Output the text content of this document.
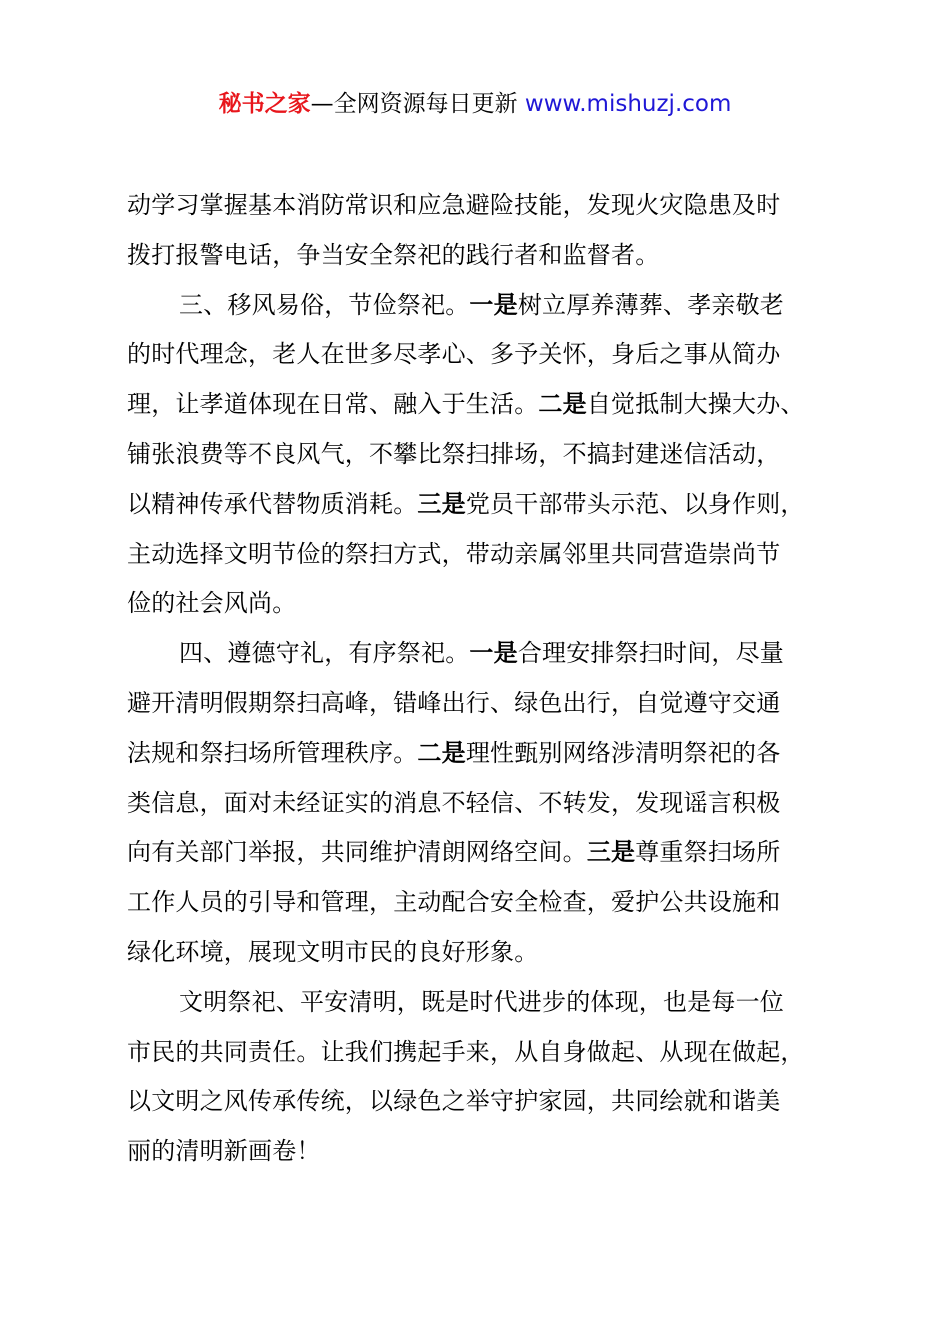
秘书之家—全网资源每日更新 www.mishuzj.com
动学习掌握基本消防常识和应急避险技能，发现火灾隐患及时
拨打报警电话，争当安全祭祀的践行者和监督者。
三、移风易俗，节俭祭祀。一是树立厚养薄葬、孝亲敬老
的时代理念，老人在世多尽孝心、多予关怀，身后之事从简办
理，让孝道体现在日常、融入于生活。二是自觉抵制大操大办、
铺张浪费等不良风气，不攀比祭扫排场，不搞封建迷信活动，
以精神传承代替物质消耗。三是党员干部带头示范、以身作则，
主动选择文明节俭的祭扫方式，带动亲属邻里共同营造崇尚节
俭的社会风尚。
四、遵德守礼，有序祭祀。一是合理安排祭扫时间，尽量
避开清明假期祭扫高峰，错峰出行、绿色出行，自觉遵守交通
法规和祭扫场所管理秩序。二是理性甄别网络涉清明祭祀的各
类信息，面对未经证实的消息不轻信、不转发，发现谣言积极
向有关部门举报，共同维护清朗网络空间。三是尊重祭扫场所
工作人员的引导和管理，主动配合安全检查，爱护公共设施和
绿化环境，展现文明市民的良好形象。
文明祭祀、平安清明，既是时代进步的体现，也是每一位
市民的共同责任。让我们携起手来，从自身做起、从现在做起，
以文明之风传承传统，以绿色之举守护家园，共同绘就和谐美
丽的清明新画卷！
